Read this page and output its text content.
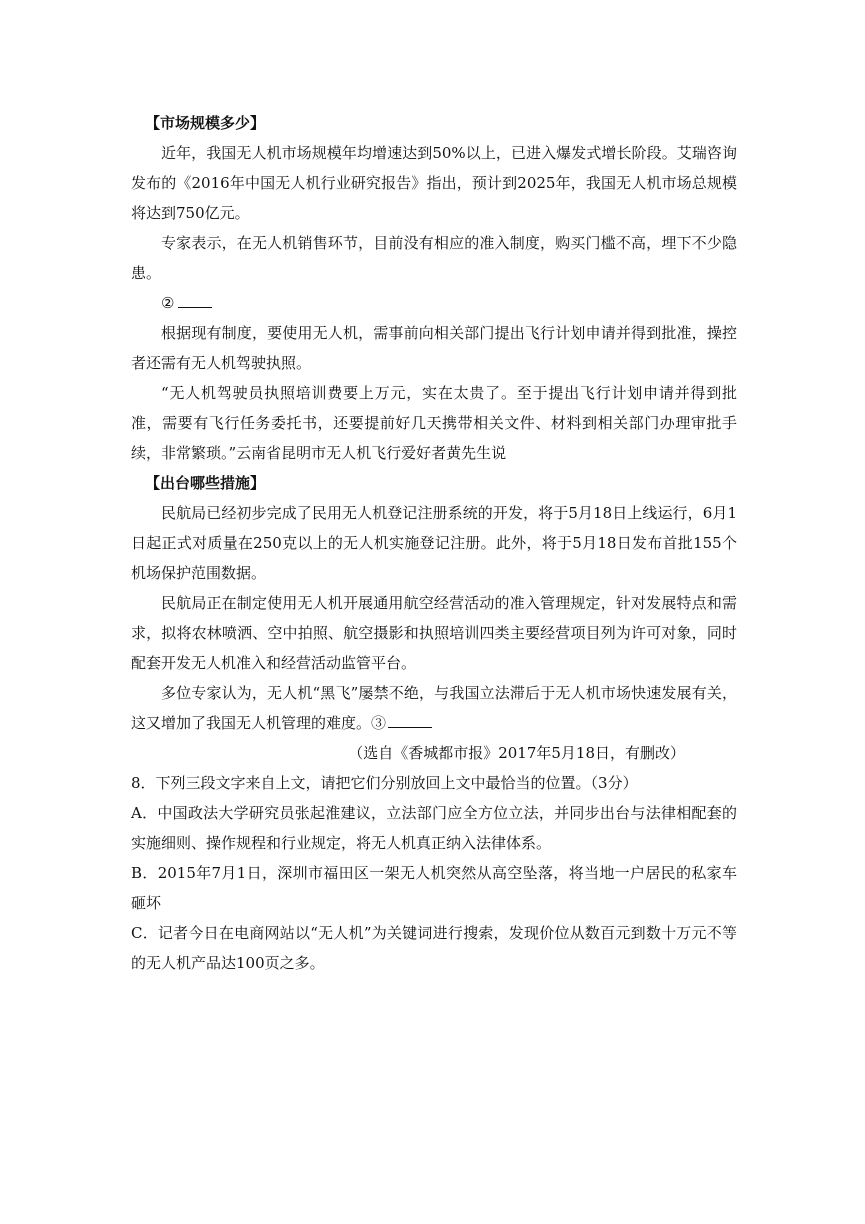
【市场规模多少】

近年，我国无人机市场规模年均增速达到50%以上，已进入爆发式增长阶段。艾瑞咨询发布的《2016年中国无人机行业研究报告》指出，预计到2025年，我国无人机市场总规模将达到750亿元。

专家表示，在无人机销售环节，目前没有相应的准入制度，购买门槛不高，埋下不少隐患。

②

根据现有制度，要使用无人机，需事前向相关部门提出飞行计划申请并得到批准，操控者还需有无人机驾驶执照。

“无人机驾驶员执照培训费要上万元，实在太贵了。至于提出飞行计划申请并得到批准，需要有飞行任务委托书，还要提前好几天携带相关文件、材料到相关部门办理审批手续，非常繁琐。”云南省昆明市无人机飞行爱好者黄先生说

【出台哪些措施】

民航局已经初步完成了民用无人机登记注册系统的开发，将于5月18日上线运行，6月1日起正式对质量在250克以上的无人机实施登记注册。此外，将于5月18日发布首批155个机场保护范围数据。

民航局正在制定使用无人机开展通用航空经营活动的准入管理规定，针对发展特点和需求，拟将农林喷洒、空中拍照、航空摄影和执照培训四类主要经营项目列为许可对象，同时配套开发无人机准入和经营活动监管平台。

多位专家认为，无人机“黑飞”屡禁不绝，与我国立法滞后于无人机市场快速发展有关，这又增加了我国无人机管理的难度。③

（选自《香城都市报》2017年5月18日，有删改）

8．下列三段文字来自上文，请把它们分别放回上文中最恰当的位置。（3分）

A．中国政法大学研究员张起淮建议，立法部门应全方位立法，并同步出台与法律相配套的实施细则、操作规程和行业规定，将无人机真正纳入法律体系。

B．2015年7月1日，深圳市福田区一架无人机突然从高空坠落，将当地一户居民的私家车砸坏

C．记者今日在电商网站以“无人机”为关键词进行搜索，发现价位从数百元到数十万元不等的无人机产品达100页之多。
